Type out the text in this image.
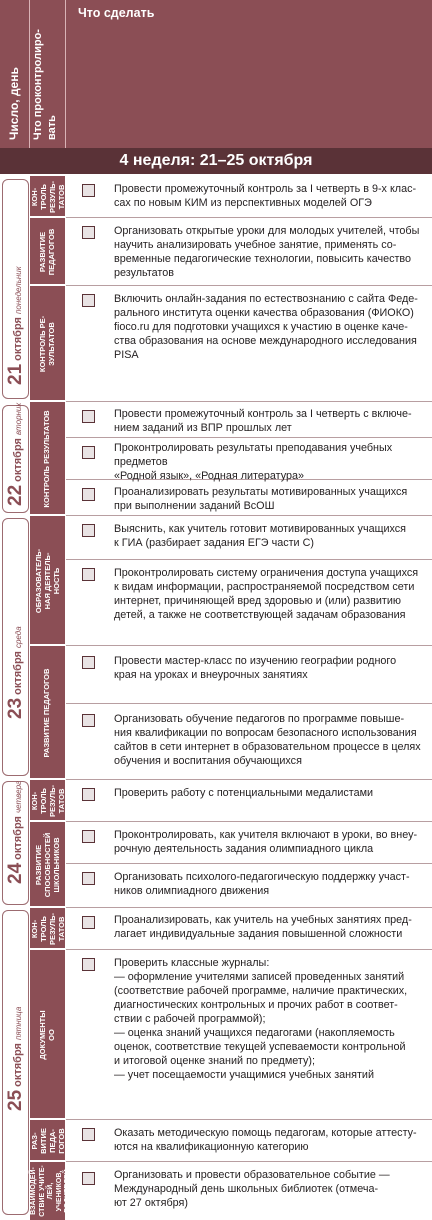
Число, день Что проконтролиро- вать
Что сделать
4 неделя: 21–25 октября
21
октября
понедельник
22
октября
вторник
23
октября
среда
24
октября
четверг
25
октября
пятница
КОН-
ТРОЛЬ
РЕЗУЛЬ-
ТАТОВ
РАЗВИТИЕ
ПЕДАГОГОВ
КОНТРОЛЬ РЕ-
ЗУЛЬТАТОВ
КОНТРОЛЬ РЕЗУЛЬТАТОВ
ОБРАЗОВАТЕЛЬ-
НАЯ ДЕЯТЕЛЬ-
НОСТЬ
РАЗВИТИЕ ПЕДАГОГОВ
КОН-
ТРОЛЬ
РЕЗУЛЬ-
ТАТОВ
РАЗВИТИЕ
СПОСОБНОСТЕЙ
ШКОЛЬНИКОВ
КОН-
ТРОЛЬ
РЕЗУЛЬ-
ТАТОВ
ДОКУМЕНТЫ
ОО
РАЗ-
ВИТИЕ
ПЕДА-
ГОГОВ
ВЗАИМОДЕЙ-
СТВИЕ УЧИТЕ-
ЛЕЙ, УЧЕНИКОВ,
РОДИТЕЛЕЙ
Провести промежуточный контроль за I четверть в 9-х клас-
сах по новым КИМ из перспективных моделей ОГЭ
Организовать открытые уроки для молодых учителей, чтобы
научить анализировать учебное занятие, применять со-
временные педагогические технологии, повысить качество
результатов
Включить онлайн-задания по естествознанию с сайта Феде-
рального института оценки качества образования (ФИОКО)
fioco.ru для подготовки учащихся к участию в оценке каче-
ства образования на основе международного исследования
PISA
Провести промежуточный контроль за I четверть с включе-
нием заданий из ВПР прошлых лет
Проконтролировать результаты преподавания учебных
предметов
«Родной язык», «Родная литература»
Проанализировать результаты мотивированных учащихся
при выполнении заданий ВсОШ
Выяснить, как учитель готовит мотивированных учащихся
к ГИА (разбирает задания ЕГЭ части С)
Проконтролировать систему ограничения доступа учащихся
к видам информации, распространяемой посредством сети
интернет, причиняющей вред здоровью и (или) развитию
детей, а также не соответствующей задачам образования
Провести мастер-класс по изучению географии родного
края на уроках и внеурочных занятиях
Организовать обучение педагогов по программе повыше-
ния квалификации по вопросам безопасного использования
сайтов в сети интернет в образовательном процессе в целях
обучения и воспитания обучающихся
Проверить работу с потенциальными медалистами
Проконтролировать, как учителя включают в уроки, во внеу-
рочную деятельность задания олимпиадного цикла
Организовать психолого-педагогическую поддержку участ-
ников олимпиадного движения
Проанализировать, как учитель на учебных занятиях пред-
лагает индивидуальные задания повышенной сложности
Проверить классные журналы:
— оформление учителями записей проведенных занятий
(соответствие рабочей программе, наличие практических,
диагностических контрольных и прочих работ в соответ-
ствии с рабочей программой);
— оценка знаний учащихся педагогами (накопляемость
оценок, соответствие текущей успеваемости контрольной
и итоговой оценке знаний по предмету);
— учет посещаемости учащимися учебных занятий
Оказать методическую помощь педагогам, которые аттесту-
ются на квалификационную категорию
Организовать и провести образовательное событие —
Международный день школьных библиотек (отмеча-
ют 27 октября)
